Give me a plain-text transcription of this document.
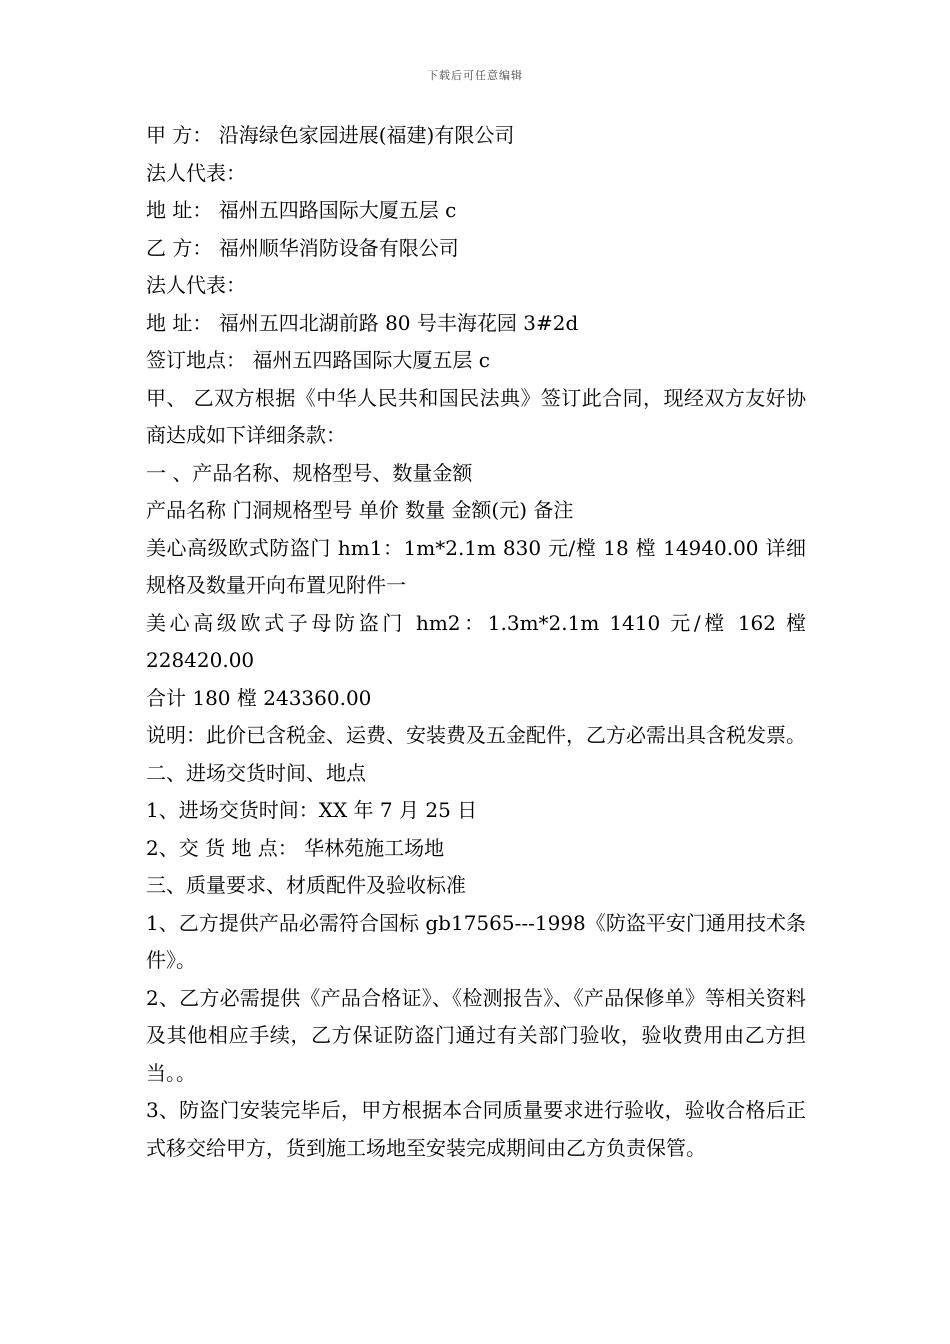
下载后可任意编辑
甲 方： 沿海绿色家园进展(福建)有限公司
法人代表：
地 址： 福州五四路国际大厦五层 c
乙 方： 福州顺华消防设备有限公司
法人代表：
地 址： 福州五四北湖前路 80 号丰海花园 3#2d
签订地点： 福州五四路国际大厦五层 c
甲、 乙双方根据《中华人民共和国民法典》签订此合同，现经双方友好协商达成如下详细条款：
一 、产品名称、规格型号、数量金额
产品名称 门洞规格型号 单价 数量 金额(元) 备注
美心高级欧式防盗门 hm1：1m*2.1m 830 元/樘 18 樘 14940.00 详细规格及数量开向布置见附件一
美心高级欧式子母防盗门 hm2：1.3m*2.1m 1410 元/樘 162 樘 228420.00
合计 180 樘 243360.00
说明：此价已含税金、运费、安装费及五金配件，乙方必需出具含税发票。
二、进场交货时间、地点
1、进场交货时间：XX 年 7 月 25 日
2、交 货 地 点： 华林苑施工场地
三、质量要求、材质配件及验收标准
1、乙方提供产品必需符合国标 gb17565---1998《防盗平安门通用技术条件》。
2、乙方必需提供《产品合格证》、《检测报告》、《产品保修单》等相关资料及其他相应手续，乙方保证防盗门通过有关部门验收，验收费用由乙方担当。。
3、防盗门安装完毕后，甲方根据本合同质量要求进行验收，验收合格后正式移交给甲方，货到施工场地至安装完成期间由乙方负责保管。
